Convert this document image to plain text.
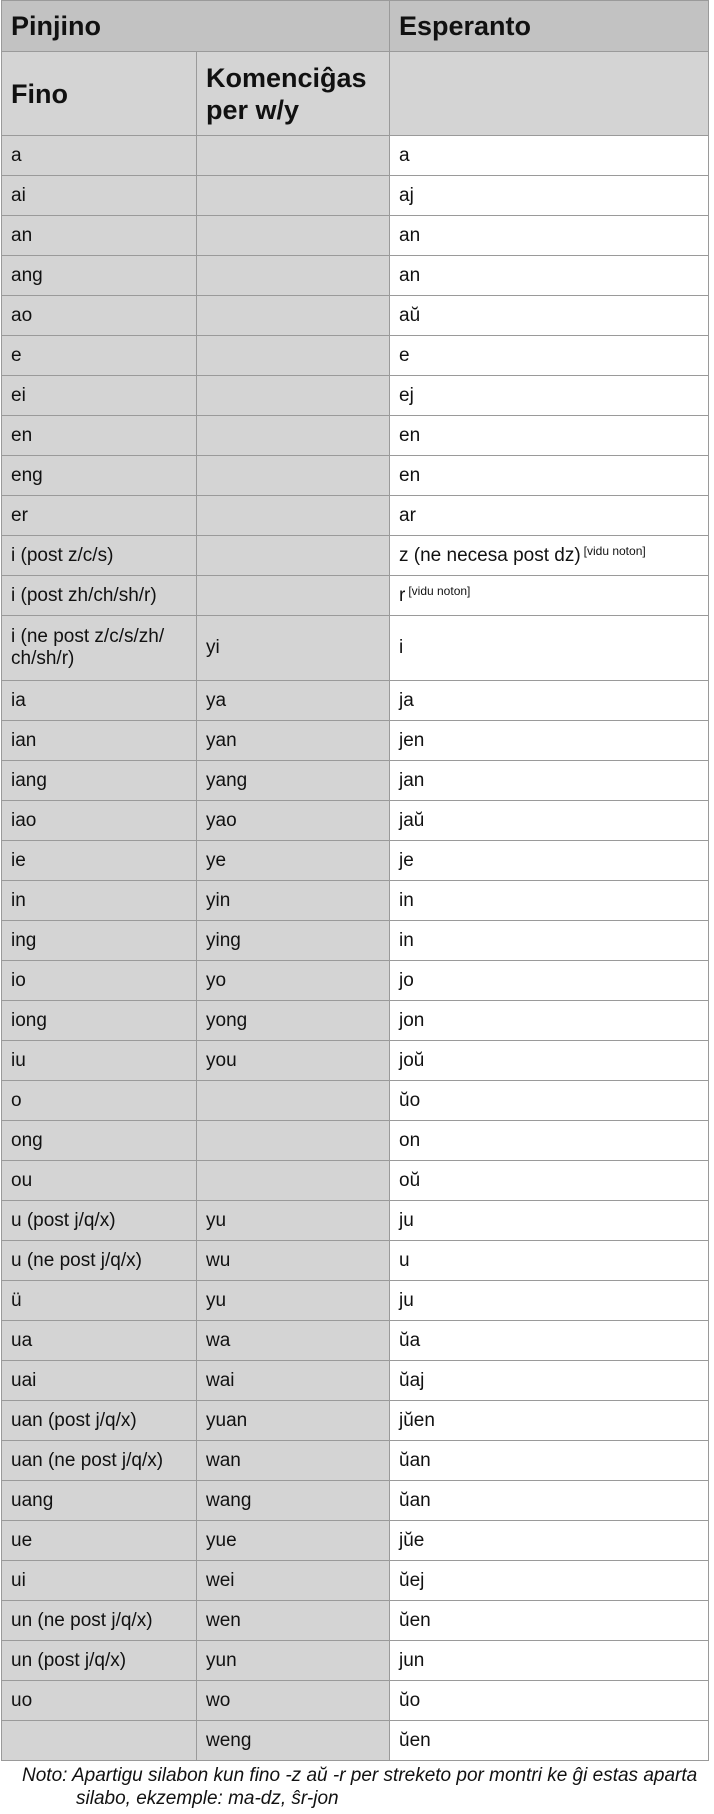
Pinjino		Esperanto
Fino	Komenciĝas per w/y	
a		a
ai		aj
an		an
ang		an
ao		aŭ
e		e
ei		ej
en		en
eng		en
er		ar
i (post z/c/s)		z (ne necesa post dz) [vidu noton]
i (post zh/ch/sh/r)		r [vidu noton]
i (ne post z/c/s/zh/ ch/sh/r)	yi	i
ia	ya	ja
ian	yan	jen
iang	yang	jan
iao	yao	jaŭ
ie	ye	je
in	yin	in
ing	ying	in
io	yo	jo
iong	yong	jon
iu	you	joŭ
o		ŭo
ong		on
ou		oŭ
u (post j/q/x)	yu	ju
u (ne post j/q/x)	wu	u
ü	yu	ju
ua	wa	ŭa
uai	wai	ŭaj
uan (post j/q/x)	yuan	jŭen
uan (ne post j/q/x)	wan	ŭan
uang	wang	ŭan
ue	yue	jŭe
ui	wei	ŭej
un (ne post j/q/x)	wen	ŭen
un (post j/q/x)	yun	jun
uo	wo	ŭo
	weng	ŭen
Noto: Apartigu silabon kun fino -z aŭ -r per streketo por montri ke ĝi estas aparta silabo, ekzemple: ma-dz, ŝr-jon
